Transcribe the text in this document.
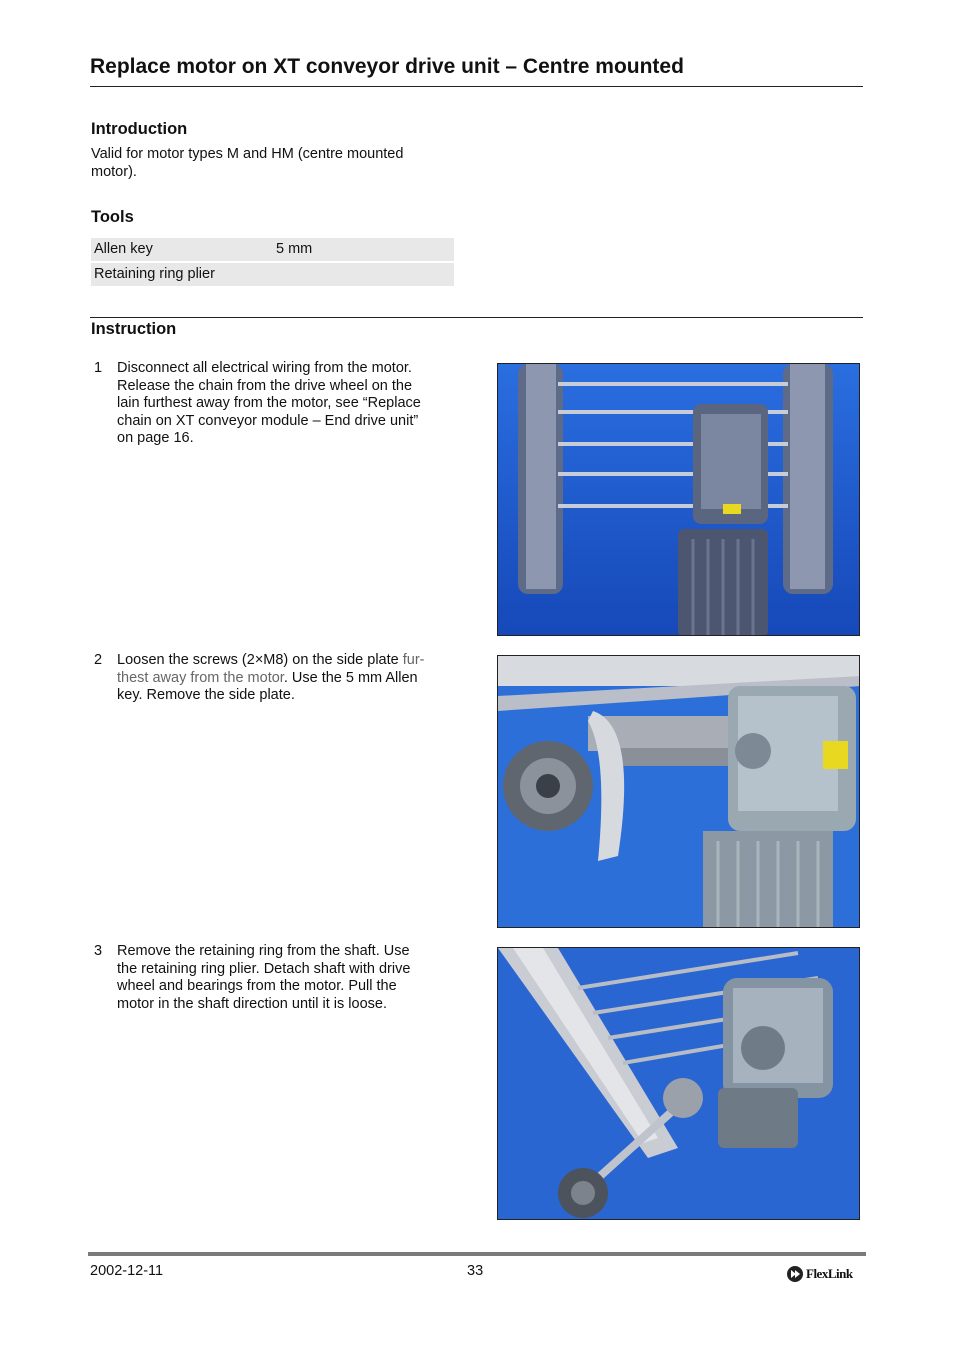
Replace motor on XT conveyor drive unit – Centre mounted
Introduction
Valid for motor types M and HM (centre mounted
motor).
Tools
Allen key	5 mm
Retaining ring plier
Instruction
1 Disconnect all electrical wiring from the motor.
Release the chain from the drive wheel on the
lain furthest away from the motor, see “Replace
chain on XT conveyor module – End drive unit”
on page 16.
2 Loosen the screws (2×M8) on the side plate fur-
thest away from the motor. Use the 5 mm Allen
key. Remove the side plate.
3 Remove the retaining ring from the shaft. Use
the retaining ring plier. Detach shaft with drive
wheel and bearings from the motor. Pull the
motor in the shaft direction until it is loose.
2002-12-11	33	FlexLink
